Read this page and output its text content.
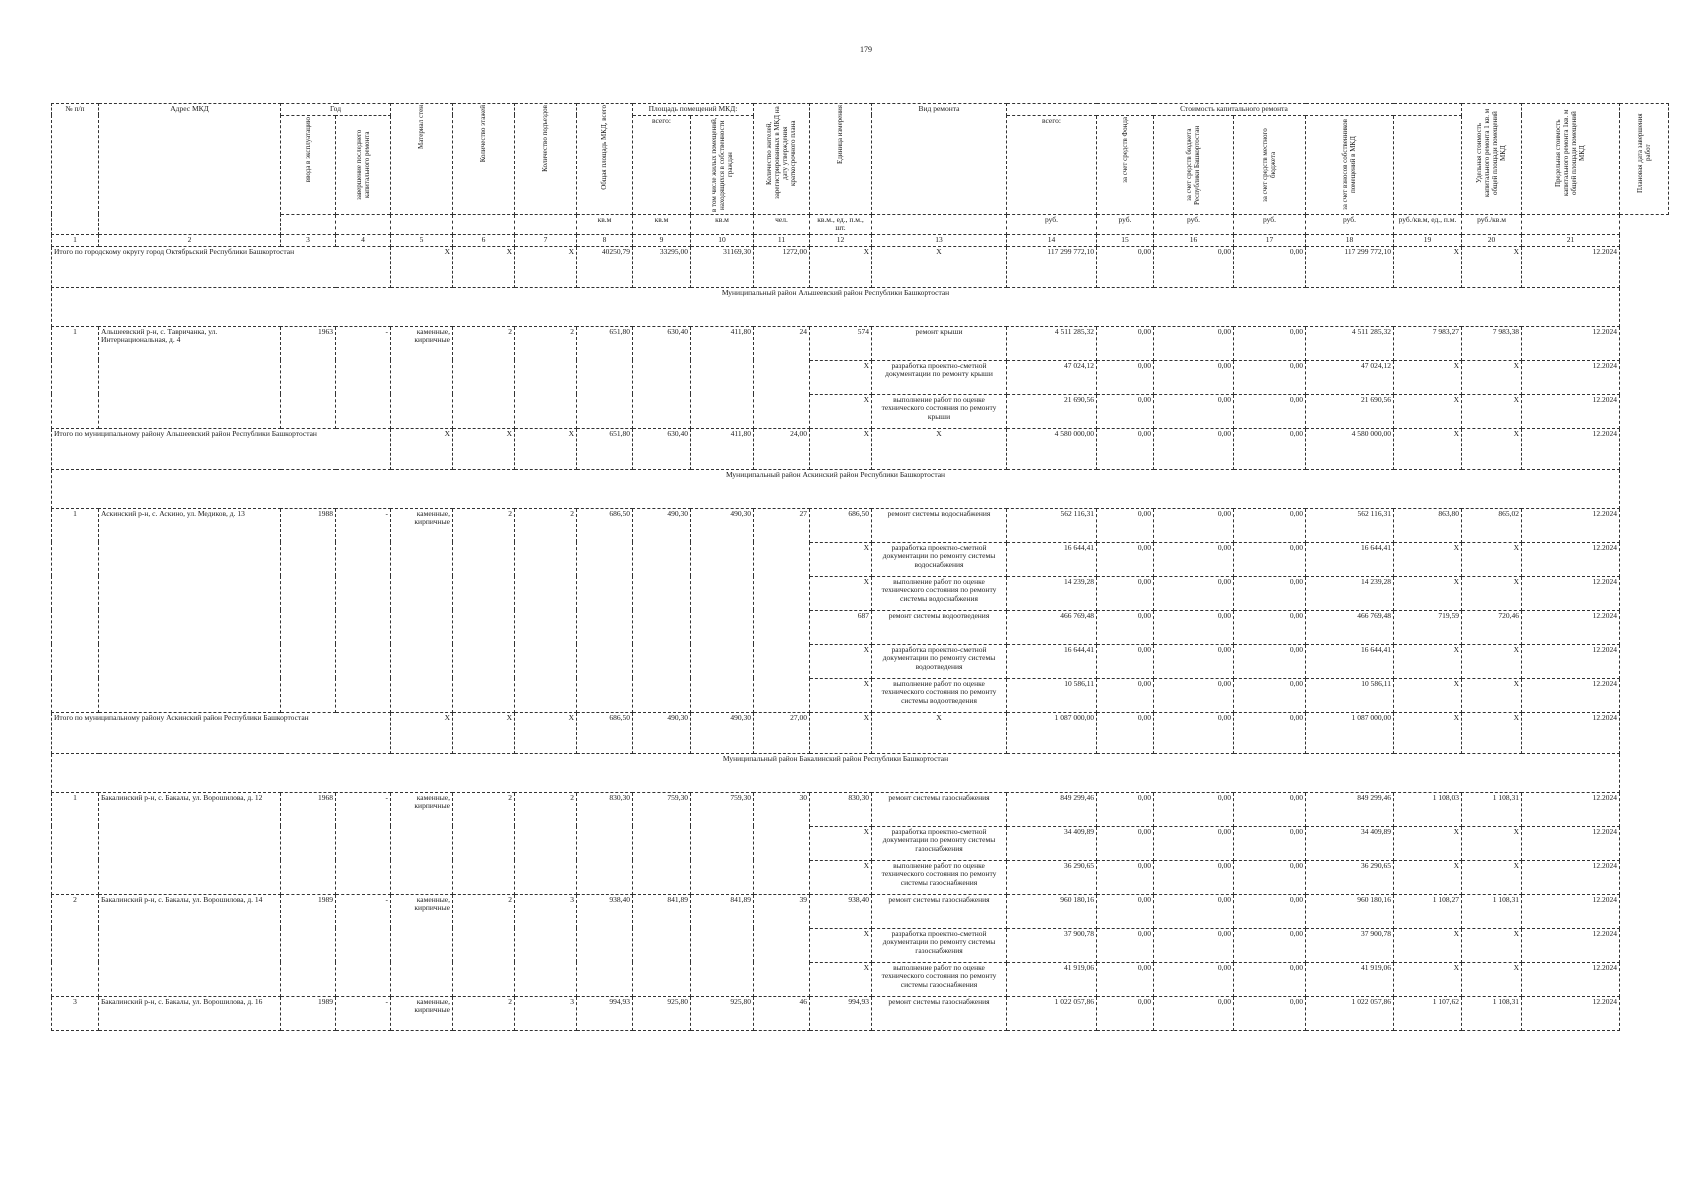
179
№ п/п	Адрес МКД	Год		Материал стен	Количество этажей	Количество подъездов	Общая площадь МКД, всего	Площадь помещений МКД:		Количество жителей, зарегистрированных в МКД на дату утверждения краткосрочного плана	Единица измерения	Вид ремонта	Стоимость капитального ремонта						Удельная стоимость капитального ремонта 1 кв. м общей площади помещений МКД	Предельная стоимость капитального ремонта 1кв. м общей площади помещений МКД	Плановая дата завершения работ

		ввода в эксплуатацию	завершение последнего капитального ремонта					всего:	в том числе жилых помещений, находящихся в собственности граждан				всего:	за счет средств Фонда	за счет средств бюджета Республики Башкортостан	за счет средств местного бюджета	за счет взносов собственников помещений в МКД				

							кв.м	кв.м	кв.м	чел.	кв.м., ед., п.м., шт.		руб.	руб.	руб.	руб.	руб.	руб./кв.м, ед., п.м.	руб./кв.м		
1	2	3	4	5	6	7	8	9	10	11	12	13	14	15	16	17	18	19	20	21	
Итого по городскому округу город Октябрьский Республики Башкортостан				X	X	X	40250,79	33295,00	31169,30	1272,00	X	X	117 299 772,10	0,00	0,00	0,00	117 299 772,10	X	X	12.2024	
Муниципальный район Альшеевский район Республики Башкортостан																					
1	Альшеевский р-н, с. Тавричанка, ул. Интернациональная, д. 4	1963	-	каменные, кирпичные	2	2	651,80	630,40	411,80	24	574	ремонт крыши	4 511 285,32	0,00	0,00	0,00	4 511 285,32	7 983,27	7 983,38	12.2024	
											X	разработка проектно-сметной документации по ремонту крыши	47 024,12	0,00	0,00	0,00	47 024,12	X	X	12.2024	
											X	выполнение работ по оценке технического состояния по ремонту крыши	21 690,56	0,00	0,00	0,00	21 690,56	X	X	12.2024	
Итого по муниципальному району Альшеевский район Республики Башкортостан				X	X	X	651,80	630,40	411,80	24,00	X	X	4 580 000,00	0,00	0,00	0,00	4 580 000,00	X	X	12.2024	
Муниципальный район Аскинский район Республики Башкортостан																					
1	Аскинский р-н, с. Аскино, ул. Медиков, д. 13	1988	-	каменные, кирпичные	2	2	686,50	490,30	490,30	27	686,50	ремонт системы водоснабжения	562 116,31	0,00	0,00	0,00	562 116,31	863,80	865,02	12.2024	
											X	разработка проектно-сметной документации по ремонту системы водоснабжения	16 644,41	0,00	0,00	0,00	16 644,41	X	X	12.2024	
											X	выполнение работ по оценке технического состояния по ремонту системы водоснабжения	14 239,28	0,00	0,00	0,00	14 239,28	X	X	12.2024	
											687	ремонт системы водоотведения	466 769,48	0,00	0,00	0,00	466 769,48	719,59	720,46	12.2024	
											X	разработка проектно-сметной документации по ремонту системы водоотведения	16 644,41	0,00	0,00	0,00	16 644,41	X	X	12.2024	
											X	выполнение работ по оценке технического состояния по ремонту системы водоотведения	10 586,11	0,00	0,00	0,00	10 586,11	X	X	12.2024	
Итого по муниципальному району Аскинский район Республики Башкортостан				X	X	X	686,50	490,30	490,30	27,00	X	X	1 087 000,00	0,00	0,00	0,00	1 087 000,00	X	X	12.2024	
Муниципальный район Бакалинский район Республики Башкортостан																					
1	Бакалинский р-н, с. Бакалы, ул. Ворошилова, д. 12	1968	-	каменные, кирпичные	2	2	830,30	759,30	759,30	30	830,30	ремонт системы газоснабжения	849 299,46	0,00	0,00	0,00	849 299,46	1 108,03	1 108,31	12.2024	
											X	разработка проектно-сметной документации по ремонту системы газоснабжения	34 409,89	0,00	0,00	0,00	34 409,89	X	X	12.2024	
											X	выполнение работ по оценке технического состояния по ремонту системы газоснабжения	36 290,65	0,00	0,00	0,00	36 290,65	X	X	12.2024	
2	Бакалинский р-н, с. Бакалы, ул. Ворошилова, д. 14	1989	-	каменные, кирпичные	2	3	938,40	841,89	841,89	39	938,40	ремонт системы газоснабжения	960 180,16	0,00	0,00	0,00	960 180,16	1 108,27	1 108,31	12.2024	
											X	разработка проектно-сметной документации по ремонту системы газоснабжения	37 900,78	0,00	0,00	0,00	37 900,78	X	X	12.2024	
											X	выполнение работ по оценке технического состояния по ремонту системы газоснабжения	41 919,06	0,00	0,00	0,00	41 919,06	X	X	12.2024	
3	Бакалинский р-н, с. Бакалы, ул. Ворошилова, д. 16	1989	-	каменные, кирпичные	2	3	994,93	925,80	925,80	46	994,93	ремонт системы газоснабжения	1 022 057,86	0,00	0,00	0,00	1 022 057,86	1 107,62	1 108,31	12.2024	
